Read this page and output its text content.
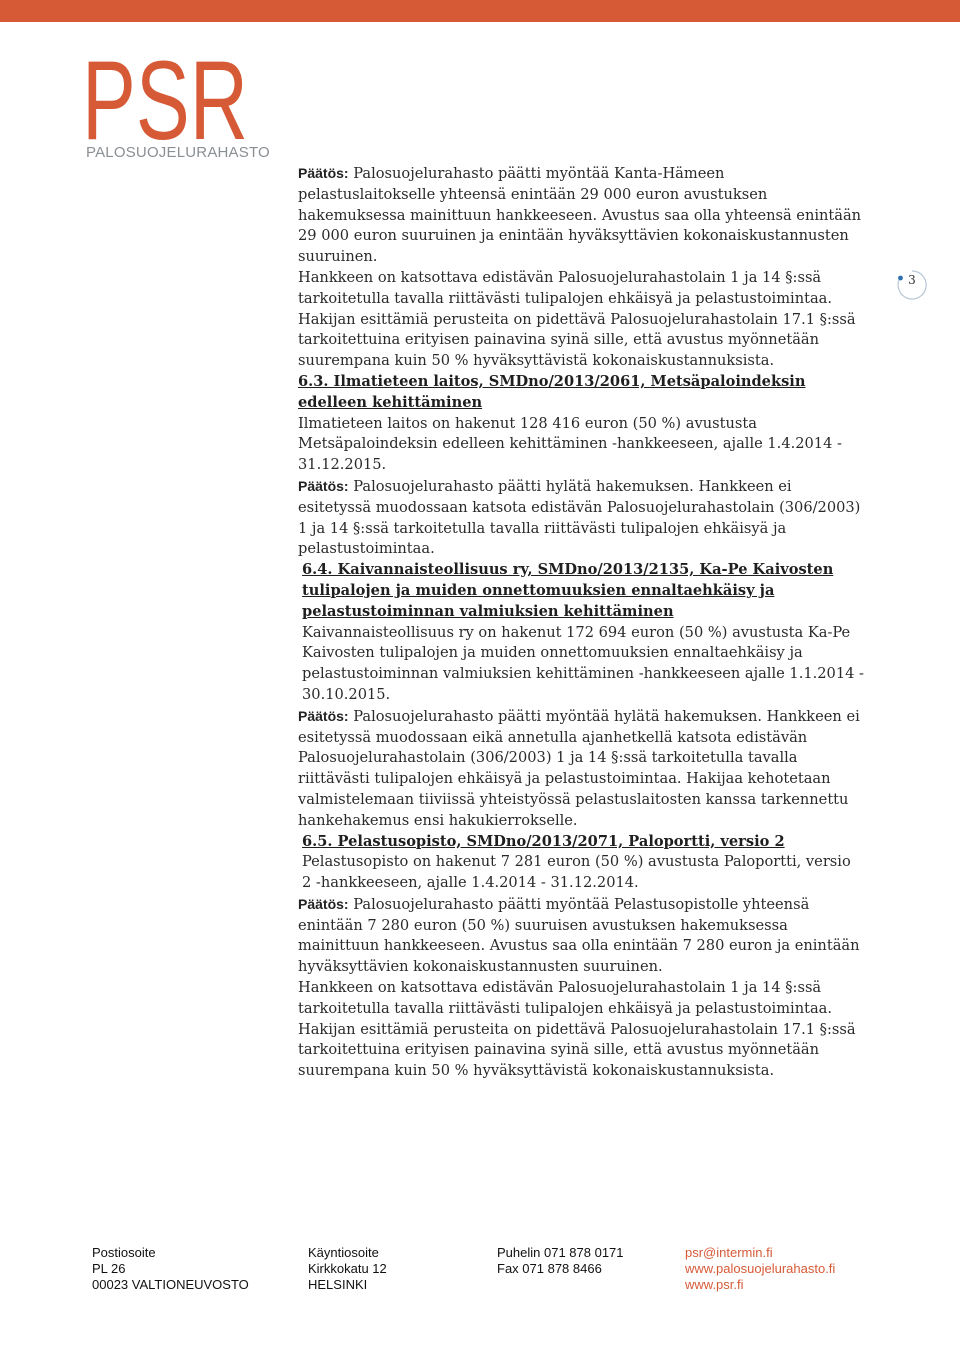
PSR
PALOSUOJELURAHASTO
3

Päätös: Palosuojelurahasto päätti myöntää Kanta-Hämeen pelastuslaitokselle yhteensä enintään 29 000 euron avustuksen hakemuksessa mainittuun hankkeeseen. Avustus saa olla yhteensä enintään 29 000 euron suuruinen ja enintään hyväksyttävien kokonaiskustannusten suuruinen.

Hankkeen on katsottava edistävän Palosuojelurahastolain 1 ja 14 §:ssä tarkoitetulla tavalla riittävästi tulipalojen ehkäisyä ja pelastustoimintaa. Hakijan esittämiä perusteita on pidettävä Palosuojelurahastolain 17.1 §:ssä tarkoitettuina erityisen painavina syinä sille, että avustus myönnetään suurempana kuin 50 % hyväksyttävistä kokonaiskustannuksista.

6.3. Ilmatieteen laitos, SMDno/2013/2061, Metsäpaloindeksin edelleen kehittäminen

Ilmatieteen laitos on hakenut 128 416 euron (50 %) avustusta Metsäpaloindeksin edelleen kehittäminen -hankkeeseen, ajalle 1.4.2014 - 31.12.2015.

Päätös: Palosuojelurahasto päätti hylätä hakemuksen. Hankkeen ei esitetyssä muodossaan katsota edistävän Palosuojelurahastolain (306/2003) 1 ja 14 §:ssä tarkoitetulla tavalla riittävästi tulipalojen ehkäisyä ja pelastustoimintaa.

6.4. Kaivannaisteollisuus ry, SMDno/2013/2135, Ka-Pe Kaivosten tulipalojen ja muiden onnettomuuksien ennaltaehkäisy ja pelastustoiminnan valmiuksien kehittäminen

Kaivannaisteollisuus ry on hakenut 172 694 euron (50 %) avustusta Ka-Pe Kaivosten tulipalojen ja muiden onnettomuuksien ennaltaehkäisy ja pelastustoiminnan valmiuksien kehittäminen -hankkeeseen ajalle 1.1.2014 - 30.10.2015.

Päätös: Palosuojelurahasto päätti myöntää hylätä hakemuksen. Hankkeen ei esitetyssä muodossaan eikä annetulla ajanhetkellä katsota edistävän Palosuojelurahastolain (306/2003) 1 ja 14 §:ssä tarkoitetulla tavalla riittävästi tulipalojen ehkäisyä ja pelastustoimintaa. Hakijaa kehotetaan valmistelemaan tiiviissä yhteistyössä pelastuslaitosten kanssa tarkennettu hankehakemus ensi hakukierrokselle.

6.5. Pelastusopisto, SMDno/2013/2071, Paloportti, versio 2

Pelastusopisto on hakenut 7 281 euron (50 %) avustusta Paloportti, versio 2 -hankkeeseen, ajalle 1.4.2014 - 31.12.2014.

Päätös: Palosuojelurahasto päätti myöntää Pelastusopistolle yhteensä enintään 7 280 euron (50 %) suuruisen avustuksen hakemuksessa mainittuun hankkeeseen. Avustus saa olla enintään 7 280 euron ja enintään hyväksyttävien kokonaiskustannusten suuruinen.

Hankkeen on katsottava edistävän Palosuojelurahastolain 1 ja 14 §:ssä tarkoitetulla tavalla riittävästi tulipalojen ehkäisyä ja pelastustoimintaa. Hakijan esittämiä perusteita on pidettävä Palosuojelurahastolain 17.1 §:ssä tarkoitettuina erityisen painavina syinä sille, että avustus myönnetään suurempana kuin 50 % hyväksyttävistä kokonaiskustannuksista.

Postiosoite
PL 26
00023 VALTIONEUVOSTO
Käyntiosoite
Kirkkokatu 12
HELSINKI
Puhelin 071 878 0171
Fax 071 878 8466
psr@intermin.fi
www.palosuojelurahasto.fi
www.psr.fi
